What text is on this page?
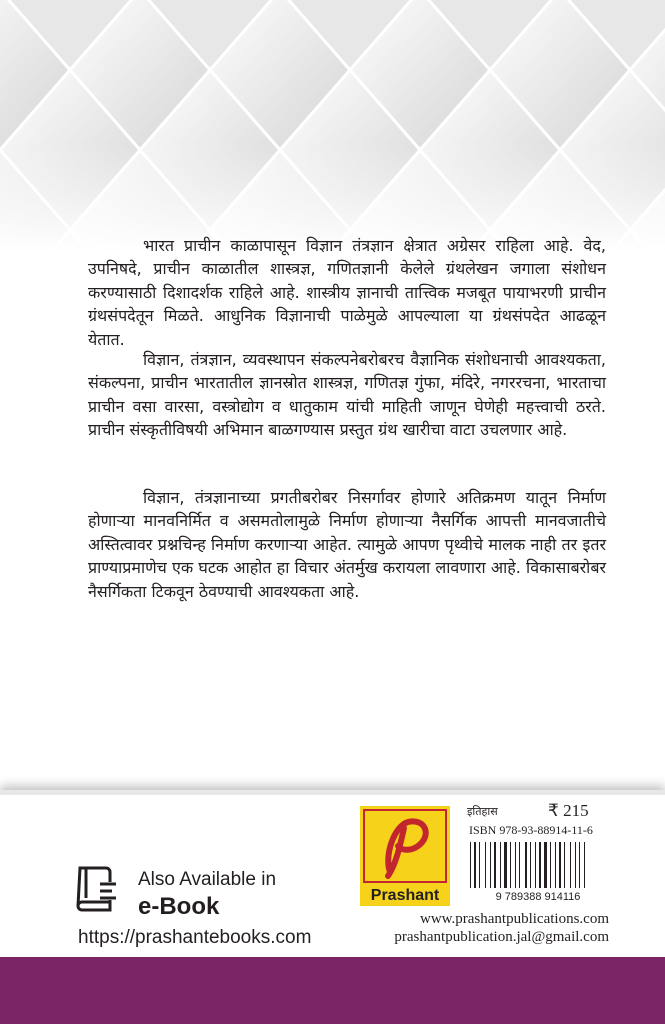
भारत प्राचीन काळापासून विज्ञान तंत्रज्ञान क्षेत्रात अग्रेसर राहिला आहे. वेद, उपनिषदे, प्राचीन काळातील शास्त्रज्ञ, गणितज्ञानी केलेले ग्रंथलेखन जगाला संशोधन करण्यासाठी दिशादर्शक राहिले आहे. शास्त्रीय ज्ञानाची तात्त्विक मजबूत पायाभरणी प्राचीन ग्रंथसंपदेतून मिळते. आधुनिक विज्ञानाची पाळेमुळे आपल्याला या ग्रंथसंपदेत आढळून येतात.
विज्ञान, तंत्रज्ञान, व्यवस्थापन संकल्पनेबरोबरच वैज्ञानिक संशोधनाची आवश्यकता, संकल्पना, प्राचीन भारतातील ज्ञानस्रोत शास्त्रज्ञ, गणितज्ञ गुंफा, मंदिरे, नगररचना, भारताचा प्राचीन वसा वारसा, वस्त्रोद्योग व धातुकाम यांची माहिती जाणून घेणेही महत्त्वाची ठरते. प्राचीन संस्कृतीविषयी अभिमान बाळगण्यास प्रस्तुत ग्रंथ खारीचा वाटा उचलणार आहे.
विज्ञान, तंत्रज्ञानाच्या प्रगतीबरोबर निसर्गावर होणारे अतिक्रमण यातून निर्माण होणाऱ्या मानवनिर्मित व असमतोलामुळे निर्माण होणाऱ्या नैसर्गिक आपत्ती मानवजातीचे अस्तित्वावर प्रश्नचिन्ह निर्माण करणाऱ्या आहेत. त्यामुळे आपण पृथ्वीचे मालक नाही तर इतर प्राण्याप्रमाणेच एक घटक आहोत हा विचार अंतर्मुख करायला लावणारा आहे. विकासाबरोबर नैसर्गिकता टिकवून ठेवण्याची आवश्यकता आहे.
Also Available in
e-Book
https://prashantebooks.com
Prashant
इतिहास	₹ 215
ISBN 978-93-88914-11-6
9 789388 914116
www.prashantpublications.com
prashantpublication.jal@gmail.com
